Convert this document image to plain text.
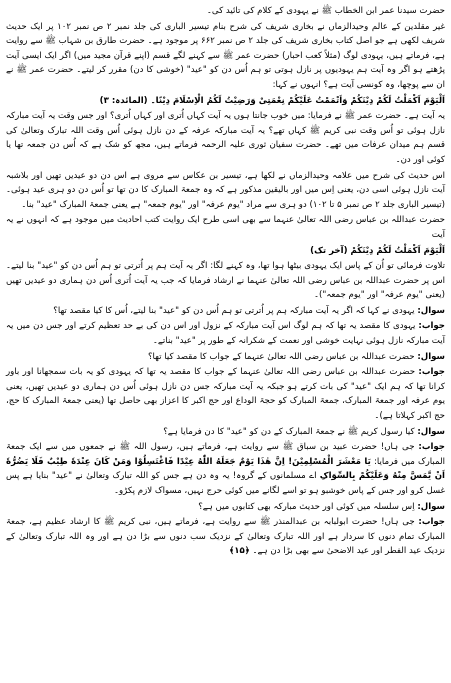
حضرت سیدنا عمر ابن الخطاب ﷺ نے یہودی کے کلام کی تائید کی۔

غیر مقلدین کے عالم وحیدالزماں نے بخاری شریف کی شرح بنام تیسیر الباری کی جلد نمبر ۲ ص نمبر ۱۰۲ پر ایک حدیث شریف لکھی ہے جو اصل کتاب بخاری شریف کی جلد ۲ ص نمبر ۶۶۲ پر موجود ہے۔ حضرت طارق بن شہاب ﷺ سے روایت ہے، فرماتے ہیں، یہودی لوگ (مثلاً کعب احبار) حضرت عمر ﷺ سے کہنے لگے قسم (اپنے قرآن مجید میں) اگر ایک ایسی آیت پڑھتے ہو اگر وہ آیت ہم یہودیوں پر نازل ہوتی تو ہم اُس دن کو "عید" (خوشی کا دن) مقرر کر لیتے۔ حضرت عمر ﷺ نے ان سے پوچھا، وہ کونسی آیت ہے؟ انہوں نے کہا:

اَلْیَوْمَ اَكْمَلْتُ لَكُمْ دِيْنَكُمْ وَاَتْمَمْتُ عَلَيْكُمْ نِعْمَتِىْ وَرَضِيْتُ لَكُمُ الْاِسْلَامَ دِيْنًا۔ (المائدہ: ۳)

یہ آیت ہے۔ حضرت عمر ﷺ نے فرمایا: میں خوب جانتا ہوں یہ آیت کہاں اُتری اور کہاں اُتری؟ اور جس وقت یہ آیت مبارکہ نازل ہوئی تو اُس وقت نبی کریم ﷺ کہاں تھے؟ یہ آیت مبارکہ عرفہ کے دن نازل ہوئی اُس وقت اللہ تبارک وتعالیٰ کی قسم ہم میدان عرفات میں تھے۔ حضرت سفیان ثوری علیہ الرحمہ فرماتے ہیں، مجھ کو شک ہے کہ اُس دن جمعہ تھا یا کوئی اور دن۔

اس حدیث کی شرح میں علامہ وحیدالزماں نے لکھا ہے، تیسیر بن عکاس سے مروی ہے اس دن دو عیدیں تھیں اور بلاشبہ آیت نازل ہوئی اسی دن، یعنی اِس میں اور بالیقین مذکور ہے کہ وہ جمعۃ المبارک کا دن تھا تو اُس دن دو ہری عید ہوئی۔ (تیسیر الباری جلد ۲ ص نمبر ۵ تا ۱۰۲) دو ہری سے مراد "یوم عرفہ" اور "یوم جمعہ" ہے یعنی جمعۃ المبارک "عید" بنا۔

حضرت عبداللہ بن عباس رضی اللہ تعالیٰ عنہما سے بھی اسی طرح ایک روایت کتب احادیث میں موجود ہے کہ انہوں نے یہ آیت

اَلْیَوْمَ اَكْمَلْتُ لَكُمْ دِيْنَكُمْ (آخر تک)

تلاوت فرمائی تو اُن کے پاس ایک یہودی بیٹھا ہوا تھا، وہ کہنے لگا: اگر یہ آیت ہم پر اُترتی تو ہم اُس دن کو "عید" بنا لیتے۔ اس پر حضرت عبداللہ بن عباس رضی اللہ تعالیٰ عنہما نے ارشاد فرمایا کہ جب یہ آیت اُتری اُس دن ہماری دو عیدیں تھیں (یعنی "یوم عرفہ" اور "یوم جمعہ")۔

سوال: یہودی نے کہا کہ اگر یہ آیت مبارکہ ہم پر اُترتی تو ہم اُس دن کو "عید" بنا لیتے، اُس کا کیا مقصد تھا؟
جواب: یہودی کا مقصد یہ تھا کہ ہم لوگ اس آیت مبارکہ کے نزول اور اس دن کی بے حد تعظیم کرتے اور جس دن میں یہ آیت مبارکہ نازل ہوئی نہایت خوشی اور نعمت کے شکرانہ کے طور پر "عید" بناتے۔
سوال: حضرت عبداللہ بن عباس رضی اللہ تعالیٰ عنہما کے جواب کا مقصد کیا تھا؟
جواب: حضرت عبداللہ بن عباس رضی اللہ تعالیٰ عنہما کے جواب کا مقصد یہ تھا کہ یہودی کو یہ بات سمجھانا اور باور کرانا تھا کہ ہم ایک "عید" کی بات کرتے ہو جبکہ یہ آیت مبارکہ جس دن نازل ہوئی اُس دن ہماری دو عیدیں تھیں، یعنی یوم عرفہ اور جمعۃ المبارک، جمعۃ المبارک کو حجۃ الوداع اور حج اکبر کا اعزاز بھی حاصل تھا (یعنی جمعۃ المبارک کا حج، حج اکبر کہلاتا ہے)۔
سوال: کیا رسول کریم ﷺ نے جمعۃ المبارک کے دن کو "عید" کا دن فرمایا ہے؟
جواب: جی ہاں! حضرت عبید بن سباق ﷺ سے روایت ہے، فرماتے ہیں، رسول اللہ ﷺ نے جمعوں میں سے ایک جمعۃ المبارک میں فرمایا: یَا مَعْشَرَ الْمُسْلِمِیْنَ! اِنَّ هٰذَا یَوْمٌ جَعَلَهُ اللّٰهُ عِیْدًا فَاغْتَسِلُوْا وَمَنْ کَانَ عِنْدَهٗ طِیْبٌ فَلَا یَضُرُّهٗ اَنْ یَّمَسَّ مِنْهُ وَعَلَیْکُمْ بِالسِّوَاکِ اے مسلمانوں کے گروہ! یہ وہ دن ہے جس کو اللہ تبارک وتعالیٰ نے "عید" بنایا ہے پس غسل کرو اور جس کے پاس خوشبو ہو تو اسے لگانے میں کوئی حرج نہیں، مسواک لازم پکڑو۔
سوال: اِس سلسلہ میں کوئی اور حدیث مبارکہ بھی کتابوں میں ہے؟
جواب: جی ہاں! حضرت ابولبابہ بن عبدالمنذر ﷺ سے روایت ہے، فرماتے ہیں، نبی کریم ﷺ کا ارشاد عظیم ہے، جمعۃ المبارک تمام دنوں کا سردار ہے اور اللہ تبارک وتعالیٰ کے نزدیک سب دنوں سے بڑا دن ہے اور وہ اللہ تبارک وتعالیٰ کے نزدیک عید الفطر اور عید الاضحیٰ سے بھی بڑا دن ہے۔ ﴿۱۵﴾
